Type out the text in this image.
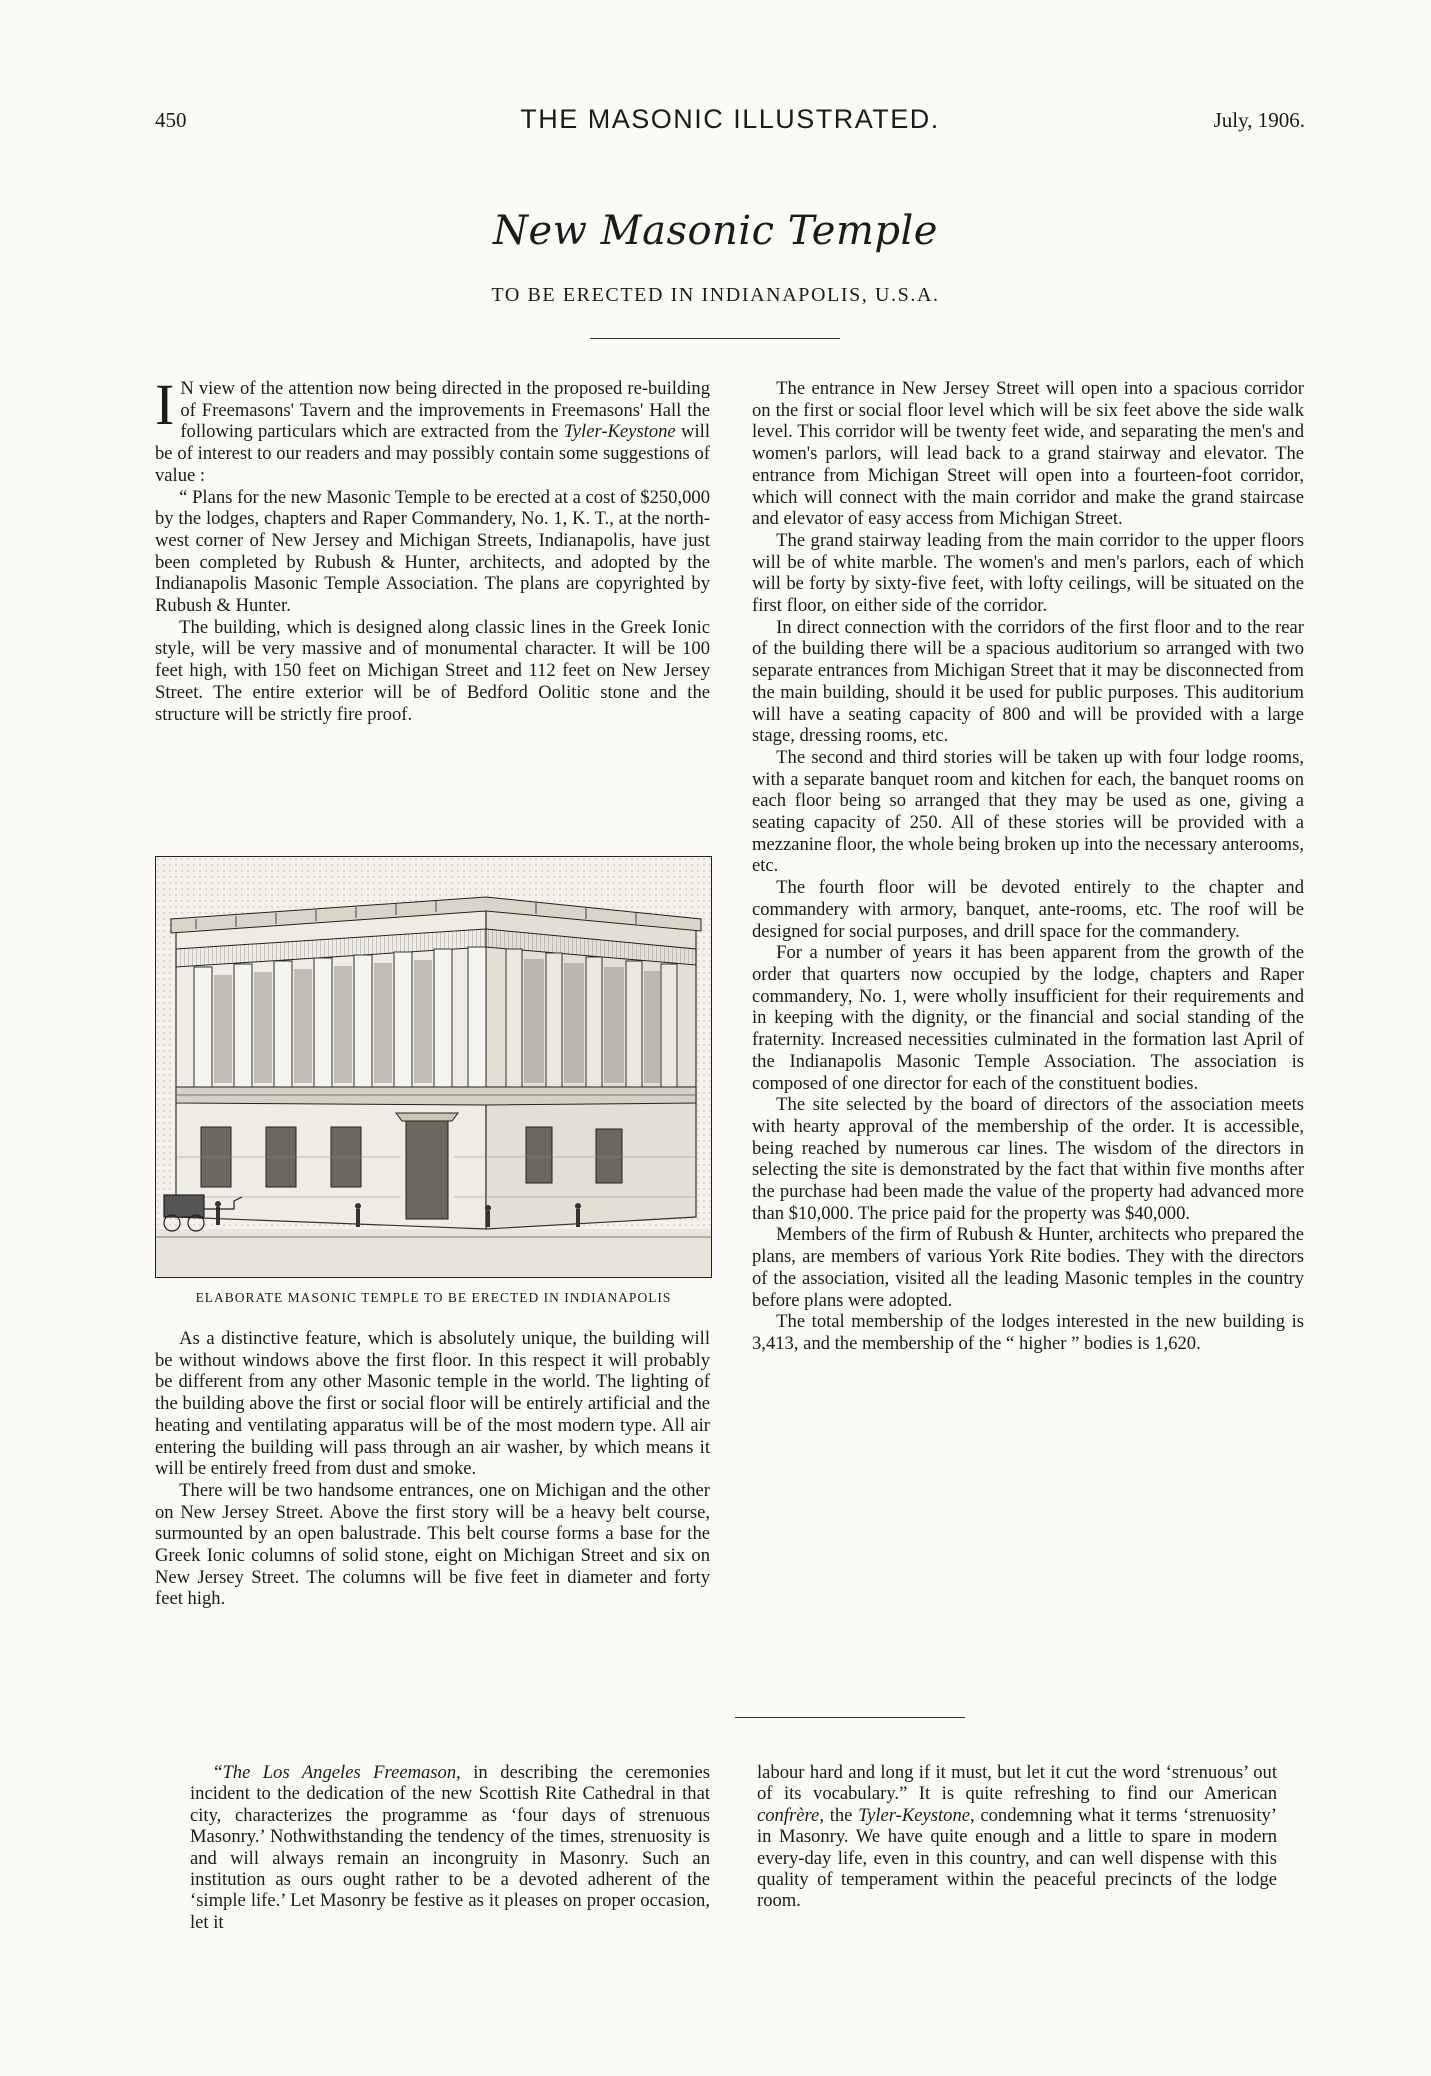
450	THE MASONIC ILLUSTRATED.	July, 1906.
New Masonic Temple
TO BE ERECTED IN INDIANAPOLIS, U.S.A.

I N view of the attention now being directed in the proposed re-building of Freemasons' Tavern and the improvements in Freemasons' Hall the following particulars which are extracted from the Tyler-Keystone will be of interest to our readers and may possibly contain some suggestions of value :

“ Plans for the new Masonic Temple to be erected at a cost of $250,000 by the lodges, chapters and Raper Commandery, No. 1, K. T., at the north-west corner of New Jersey and Michigan Streets, Indianapolis, have just been completed by Rubush & Hunter, architects, and adopted by the Indianapolis Masonic Temple Association. The plans are copyrighted by Rubush & Hunter.

The building, which is designed along classic lines in the Greek Ionic style, will be very massive and of monumental character. It will be 100 feet high, with 150 feet on Michigan Street and 112 feet on New Jersey Street. The entire exterior will be of Bedford Oolitic stone and the structure will be strictly fire proof.

ELABORATE MASONIC TEMPLE TO BE ERECTED IN INDIANAPOLIS

As a distinctive feature, which is absolutely unique, the building will be without windows above the first floor. In this respect it will probably be different from any other Masonic temple in the world. The lighting of the building above the first or social floor will be entirely artificial and the heating and ventilating apparatus will be of the most modern type. All air entering the building will pass through an air washer, by which means it will be entirely freed from dust and smoke.

There will be two handsome entrances, one on Michigan and the other on New Jersey Street. Above the first story will be a heavy belt course, surmounted by an open balustrade. This belt course forms a base for the Greek Ionic columns of solid stone, eight on Michigan Street and six on New Jersey Street. The columns will be five feet in diameter and forty feet high.

The entrance in New Jersey Street will open into a spacious corridor on the first or social floor level which will be six feet above the side walk level. This corridor will be twenty feet wide, and separating the men's and women's parlors, will lead back to a grand stairway and elevator. The entrance from Michigan Street will open into a fourteen-foot corridor, which will connect with the main corridor and make the grand staircase and elevator of easy access from Michigan Street.

The grand stairway leading from the main corridor to the upper floors will be of white marble. The women's and men's parlors, each of which will be forty by sixty-five feet, with lofty ceilings, will be situated on the first floor, on either side of the corridor.

In direct connection with the corridors of the first floor and to the rear of the building there will be a spacious auditorium so arranged with two separate entrances from Michigan Street that it may be disconnected from the main building, should it be used for public purposes. This auditorium will have a seating capacity of 800 and will be provided with a large stage, dressing rooms, etc.

The second and third stories will be taken up with four lodge rooms, with a separate banquet room and kitchen for each, the banquet rooms on each floor being so arranged that they may be used as one, giving a seating capacity of 250. All of these stories will be provided with a mezzanine floor, the whole being broken up into the necessary anterooms, etc.

The fourth floor will be devoted entirely to the chapter and commandery with armory, banquet, ante-rooms, etc. The roof will be designed for social purposes, and drill space for the commandery.

For a number of years it has been apparent from the growth of the order that quarters now occupied by the lodge, chapters and Raper commandery, No. 1, were wholly insufficient for their requirements and in keeping with the dignity, or the financial and social standing of the fraternity. Increased necessities culminated in the formation last April of the Indianapolis Masonic Temple Association. The association is composed of one director for each of the constituent bodies.

The site selected by the board of directors of the association meets with hearty approval of the membership of the order. It is accessible, being reached by numerous car lines. The wisdom of the directors in selecting the site is demonstrated by the fact that within five months after the purchase had been made the value of the property had advanced more than $10,000. The price paid for the property was $40,000.

Members of the firm of Rubush & Hunter, architects who prepared the plans, are members of various York Rite bodies. They with the directors of the association, visited all the leading Masonic temples in the country before plans were adopted.

The total membership of the lodges interested in the new building is 3,413, and the membership of the “ higher ” bodies is 1,620.

“The Los Angeles Freemason, in describing the ceremonies incident to the dedication of the new Scottish Rite Cathedral in that city, characterizes the programme as ‘four days of strenuous Masonry.’ Nothwithstanding the tendency of the times, strenuosity is and will always remain an incongruity in Masonry. Such an institution as ours ought rather to be a devoted adherent of the ‘simple life.’ Let Masonry be festive as it pleases on proper occasion, let it

labour hard and long if it must, but let it cut the word ‘strenuous’ out of its vocabulary.” It is quite refreshing to find our American confrère, the Tyler-Keystone, condemning what it terms ‘strenuosity’ in Masonry. We have quite enough and a little to spare in modern every-day life, even in this country, and can well dispense with this quality of temperament within the peaceful precincts of the lodge room.
